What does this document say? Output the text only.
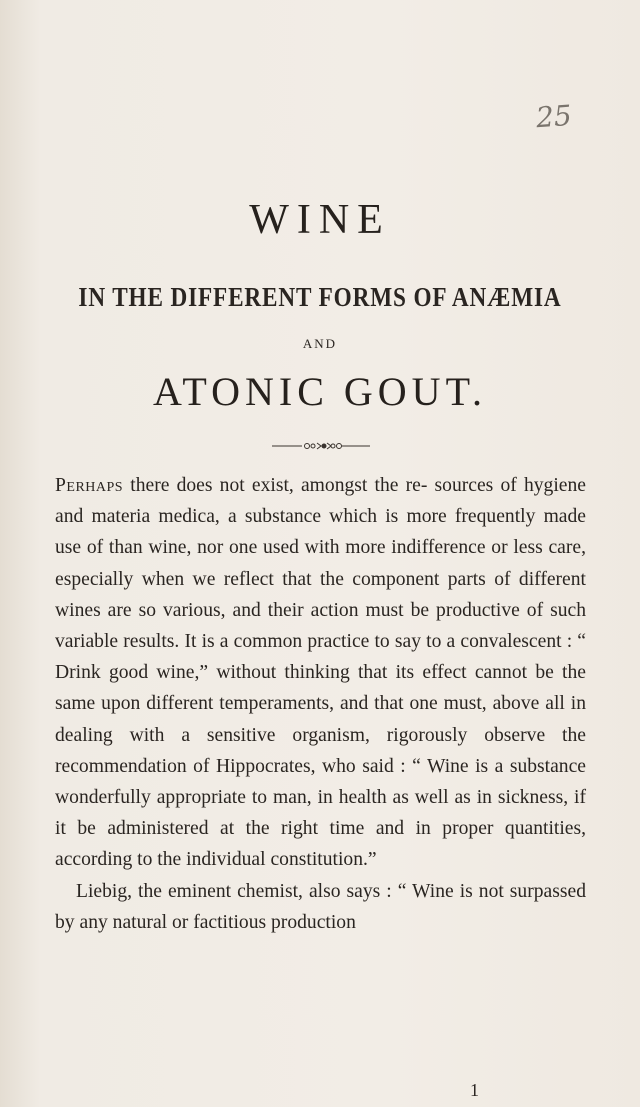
25
WINE
IN THE DIFFERENT FORMS OF ANÆMIA
AND
ATONIC GOUT.

Perhaps there does not exist, amongst the re- sources of hygiene and materia medica, a substance which is more frequently made use of than wine, nor one used with more indifference or less care, especially when we reflect that the component parts of different wines are so various, and their action must be productive of such variable results. It is a common practice to say to a convalescent : “ Drink good wine,” without thinking that its effect cannot be the same upon different temperaments, and that one must, above all in dealing with a sensitive organism, rigorously observe the recommendation of Hippocrates, who said : “ Wine is a substance wonderfully appropriate to man, in health as well as in sickness, if it be administered at the right time and in proper quantities, according to the individual constitution.”

Liebig, the eminent chemist, also says : “ Wine is not surpassed by any natural or factitious production

1
